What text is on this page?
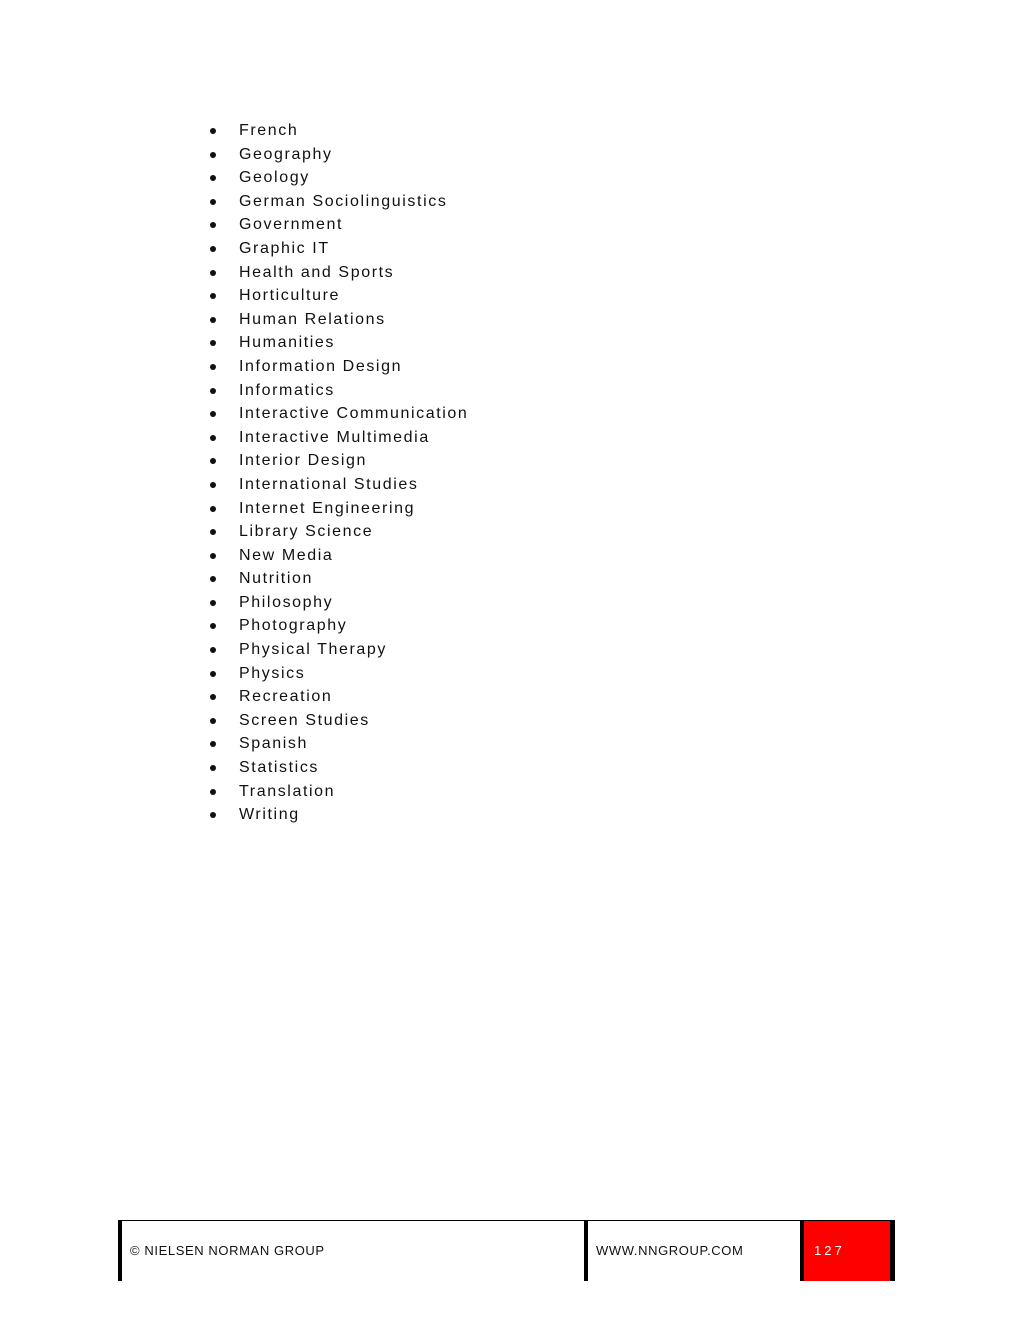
French
Geography
Geology
German Sociolinguistics
Government
Graphic IT
Health and Sports
Horticulture
Human Relations
Humanities
Information Design
Informatics
Interactive Communication
Interactive Multimedia
Interior Design
International Studies
Internet Engineering
Library Science
New Media
Nutrition
Philosophy
Photography
Physical Therapy
Physics
Recreation
Screen Studies
Spanish
Statistics
Translation
Writing
© NIELSEN NORMAN GROUP	WWW.NNGROUP.COM	127
